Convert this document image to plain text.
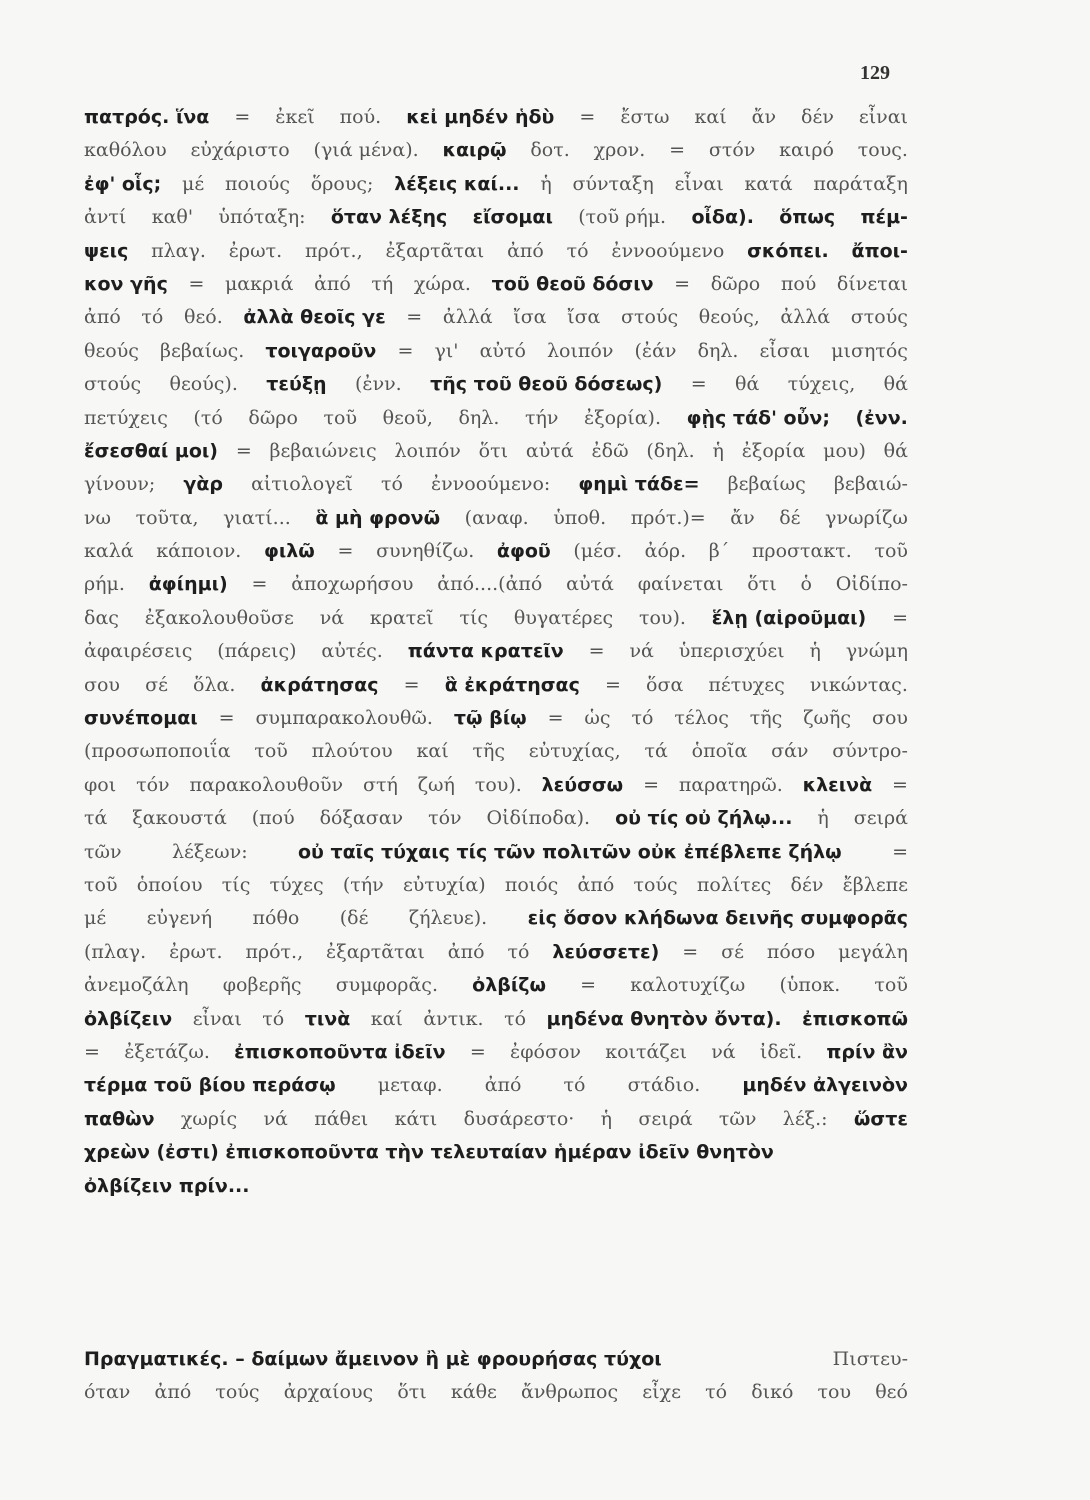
129
πατρός. ἵνα = ἐκεῖ πού. κεἰ μηδέν ἡδὺ = ἔστω καί ἄν δέν εἶναι
καθόλου εὐχάριστο (γιά μένα). καιρῷ δοτ. χρον. = στόν καιρό τους.
ἐφ' οἷς; μέ ποιούς ὅρους; λέξεις καί... ἡ σύνταξη εἶναι κατά παράταξη
ἀντί καθ' ὑπόταξη: ὅταν λέξης εἴσομαι (τοῦ ρήμ. οἶδα). ὅπως πέμ-
ψεις πλαγ. ἐρωτ. πρότ., ἐξαρτᾶται ἀπό τό ἐννοούμενο σκόπει. ἄποι-
κον γῆς = μακριά ἀπό τή χώρα. τοῦ θεοῦ δόσιν = δῶρο πού δίνεται
ἀπό τό θεό. ἀλλὰ θεοῖς γε = ἀλλά ἴσα ἴσα στούς θεούς, ἀλλά στούς
θεούς βεβαίως. τοιγαροῦν = γι' αὐτό λοιπόν (ἐάν δηλ. εἶσαι μισητός
στούς θεούς). τεύξῃ (ἐνν. τῆς τοῦ θεοῦ δόσεως) = θά τύχεις, θά
πετύχεις (τό δῶρο τοῦ θεοῦ, δηλ. τήν ἐξορία). φῂς τάδ' οὖν; (ἐνν.
ἔσεσθαί μοι) = βεβαιώνεις λοιπόν ὅτι αὐτά ἐδῶ (δηλ. ἡ ἐξορία μου) θά
γίνουν; γὰρ αἰτιολογεῖ τό ἐννοούμενο: φημὶ τάδε= βεβαίως βεβαιώ-
νω τοῦτα, γιατί... ἃ μὴ φρονῶ (αναφ. ὑποθ. πρότ.)= ἄν δέ γνωρίζω
καλά κάποιον. φιλῶ = συνηθίζω. ἀφοῦ (μέσ. ἀόρ. β΄ προστακτ. τοῦ
ρήμ. ἀφίημι) = ἀποχωρήσου ἀπό....(ἀπό αὐτά φαίνεται ὅτι ὁ Οἰδίπο-
δας ἐξακολουθοῦσε νά κρατεῖ τίς θυγατέρες του). ἕλῃ (αἱροῦμαι) =
ἀφαιρέσεις (πάρεις) αὐτές. πάντα κρατεῖν = νά ὑπερισχύει ἡ γνώμη
σου σέ ὅλα. ἀκράτησας = ἃ ἐκράτησας = ὅσα πέτυχες νικώντας.
συνέπομαι = συμπαρακολουθῶ. τῷ βίῳ = ὡς τό τέλος τῆς ζωῆς σου
(προσωποποιΐα τοῦ πλούτου καί τῆς εὐτυχίας, τά ὁποῖα σάν σύντρο-
φοι τόν παρακολουθοῦν στή ζωή του). λεύσσω = παρατηρῶ. κλεινὰ =
τά ξακουστά (πού δόξασαν τόν Οἰδίποδα). οὐ τίς οὐ ζήλῳ... ἡ σειρά
τῶν	λέξεων:	οὐ ταῖς τύχαις τίς τῶν πολιτῶν οὐκ ἐπέβλεπε ζήλῳ	=
τοῦ ὁποίου τίς τύχες (τήν εὐτυχία) ποιός ἀπό τούς πολίτες δέν ἔβλεπε
μέ εὐγενή πόθο (δέ ζήλευε). εἰς ὅσον κλήδωνα δεινῆς συμφορᾶς
(πλαγ. ἐρωτ. πρότ., ἐξαρτᾶται ἀπό τό λεύσσετε) = σέ πόσο μεγάλη
ἀνεμοζάλη φοβερῆς συμφορᾶς. ὀλβίζω = καλοτυχίζω (ὑποκ. τοῦ
ὀλβίζειν εἶναι τό τινὰ καί ἀντικ. τό μηδένα θνητὸν ὄντα). ἐπισκοπῶ
= ἐξετάζω. ἐπισκοποῦντα ἰδεῖν = ἐφόσον κοιτάζει νά ἰδεῖ. πρίν ἂν
τέρμα τοῦ βίου περάσῳ μεταφ. ἀπό τό στάδιο. μηδέν ἀλγεινὸν
παθὼν χωρίς νά πάθει κάτι δυσάρεστο· ἡ σειρά τῶν λέξ.: ὥστε
χρεὼν (ἐστι) ἐπισκοποῦντα τὴν τελευταίαν ἡμέραν ἰδεῖν θνητὸν
ὀλβίζειν πρίν...
Πραγματικές. – δαίμων ἄμεινον ἢ μὲ φρουρήσας τύχοι	Πιστευ-
όταν ἀπό τούς ἀρχαίους ὅτι κάθε ἄνθρωπος εἶχε τό δικό του θεό
